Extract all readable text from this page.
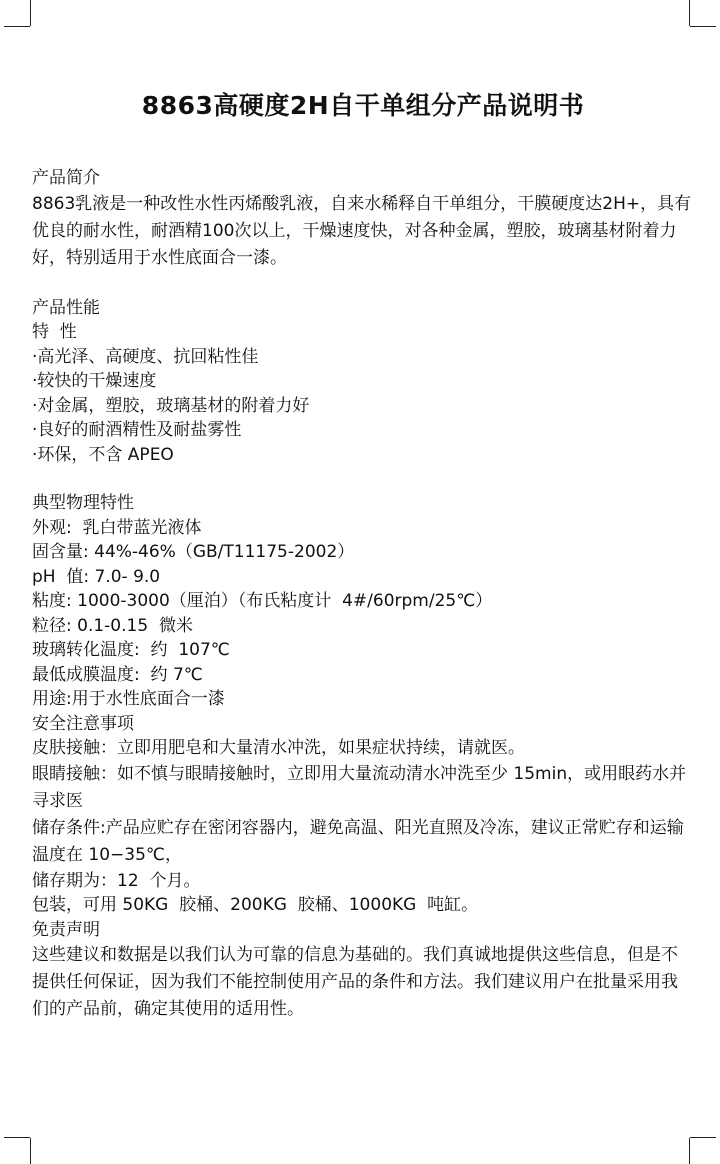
8863高硬度2H自干单组分产品说明书

产品简介

8863乳液是一种改性水性丙烯酸乳液，自来水稀释自干单组分，干膜硬度达2H+，具有优良的耐水性，耐酒精100次以上，干燥速度快，对各种金属，塑胶，玻璃基材附着力好，特别适用于水性底面合一漆。

产品性能

特  性

·高光泽、高硬度、抗回粘性佳

·较快的干燥速度

·对金属，塑胶，玻璃基材的附着力好

·良好的耐酒精性及耐盐雾性

·环保，不含 APEO

典型物理特性

外观:  乳白带蓝光液体

固含量: 44%-46%（GB/T11175-2002）

pH  值: 7.0- 9.0

粘度: 1000-3000（厘泊）（布氏粘度计  4#/60rpm/25℃）

粒径: 0.1-0.15  微米

玻璃转化温度:  约  107℃

最低成膜温度:  约 7℃

用途:用于水性底面合一漆

安全注意事项

皮肤接触：立即用肥皂和大量清水冲洗，如果症状持续，请就医。

眼睛接触：如不慎与眼睛接触时，立即用大量流动清水冲洗至少 15min，或用眼药水并寻求医

储存条件:产品应贮存在密闭容器内，避免高温、阳光直照及冷冻，建议正常贮存和运输温度在 10−35℃，

储存期为：12  个月。

包装，可用 50KG  胶桶、200KG  胶桶、1000KG  吨缸。

免责声明

这些建议和数据是以我们认为可靠的信息为基础的。我们真诚地提供这些信息，但是不提供任何保证，因为我们不能控制使用产品的条件和方法。我们建议用户在批量采用我们的产品前，确定其使用的适用性。
